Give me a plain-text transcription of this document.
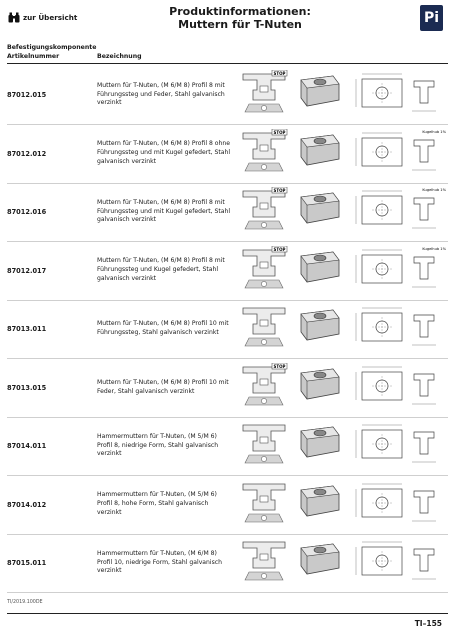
zur Übersicht	Produktinformationen:
Muttern für T-Nuten	Pi
Befestigungskomponente
Artikelnummer	Bezeichnung
87012.015
Muttern für T-Nuten, (M 6/M 8) Profil 8 mit Führungssteg und Feder, Stahl galvanisch verzinkt
STOP
87012.012
Muttern für T-Nuten, (M 6/M 8) Profil 8 ohne Führungssteg und mit Kugel gefedert, Stahl galvanisch verzinkt
STOP	Kugelhub 1%
87012.016
Muttern für T-Nuten, (M 6/M 8) Profil 8 mit Führungssteg und mit Kugel gefedert, Stahl galvanisch verzinkt
STOP	Kugelhub 1%
87012.017
Muttern für T-Nuten, (M 6/M 8) Profil 8 mit Führungssteg und Kugel gefedert, Stahl galvanisch verzinkt
STOP	Kugelhub 1%
87013.011
Muttern für T-Nuten, (M 6/M 8) Profil 10 mit Führungssteg, Stahl galvanisch verzinkt
87013.015
Muttern für T-Nuten, (M 6/M 8) Profil 10 mit Feder, Stahl galvanisch verzinkt
STOP
87014.011
Hammermuttern für T-Nuten, (M 5/M 6) Profil 8, niedrige Form, Stahl galvanisch verzinkt
87014.012
Hammermuttern für T-Nuten, (M 5/M 6) Profil 8, hohe Form, Stahl galvanisch verzinkt
87015.011
Hammermuttern für T-Nuten, (M 6/M 8) Profil 10, niedrige Form, Stahl galvanisch verzinkt
TI/2019.100DE
TI–155
